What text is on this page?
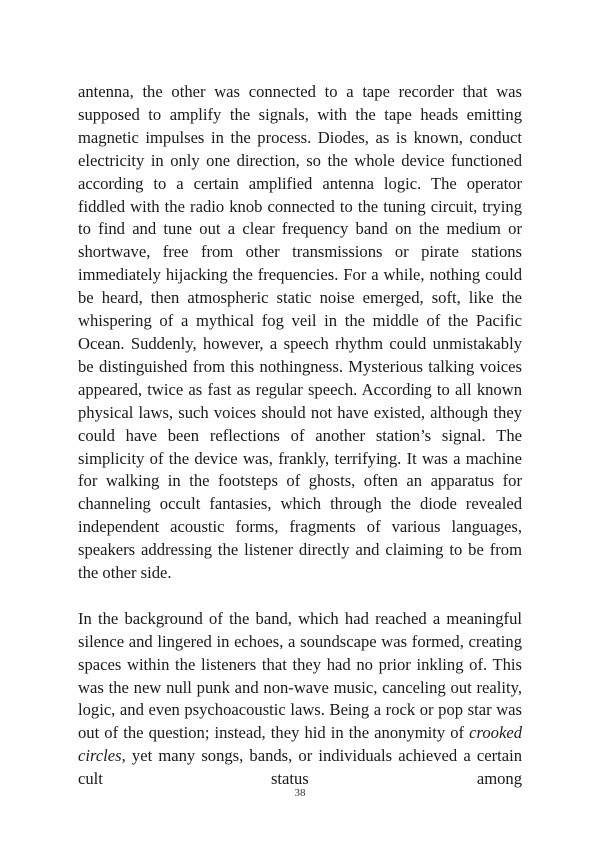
antenna, the other was connected to a tape recorder that was supposed to amplify the signals, with the tape heads emitting magnetic impulses in the process. Diodes, as is known, conduct electricity in only one direction, so the whole device functioned according to a certain amplified antenna logic. The operator fiddled with the radio knob connected to the tuning circuit, trying to find and tune out a clear frequency band on the medium or shortwave, free from other transmissions or pirate stations immediately hijacking the frequencies. For a while, nothing could be heard, then atmospheric static noise emerged, soft, like the whispering of a mythical fog veil in the middle of the Pacific Ocean. Suddenly, however, a speech rhythm could unmistakably be distinguished from this nothingness. Mysterious talking voices appeared, twice as fast as regular speech. According to all known physical laws, such voices should not have existed, although they could have been reflections of another station’s signal. The simplicity of the device was, frankly, terrifying. It was a machine for walking in the footsteps of ghosts, often an apparatus for channeling occult fantasies, which through the diode revealed independent acoustic forms, fragments of various languages, speakers addressing the listener directly and claiming to be from the other side.

In the background of the band, which had reached a meaningful silence and lingered in echoes, a soundscape was formed, creating spaces within the listeners that they had no prior inkling of. This was the new null punk and non-wave music, canceling out reality, logic, and even psychoacoustic laws. Being a rock or pop star was out of the question; instead, they hid in the anonymity of crooked circles, yet many songs, bands, or individuals achieved a certain cult status among

38
